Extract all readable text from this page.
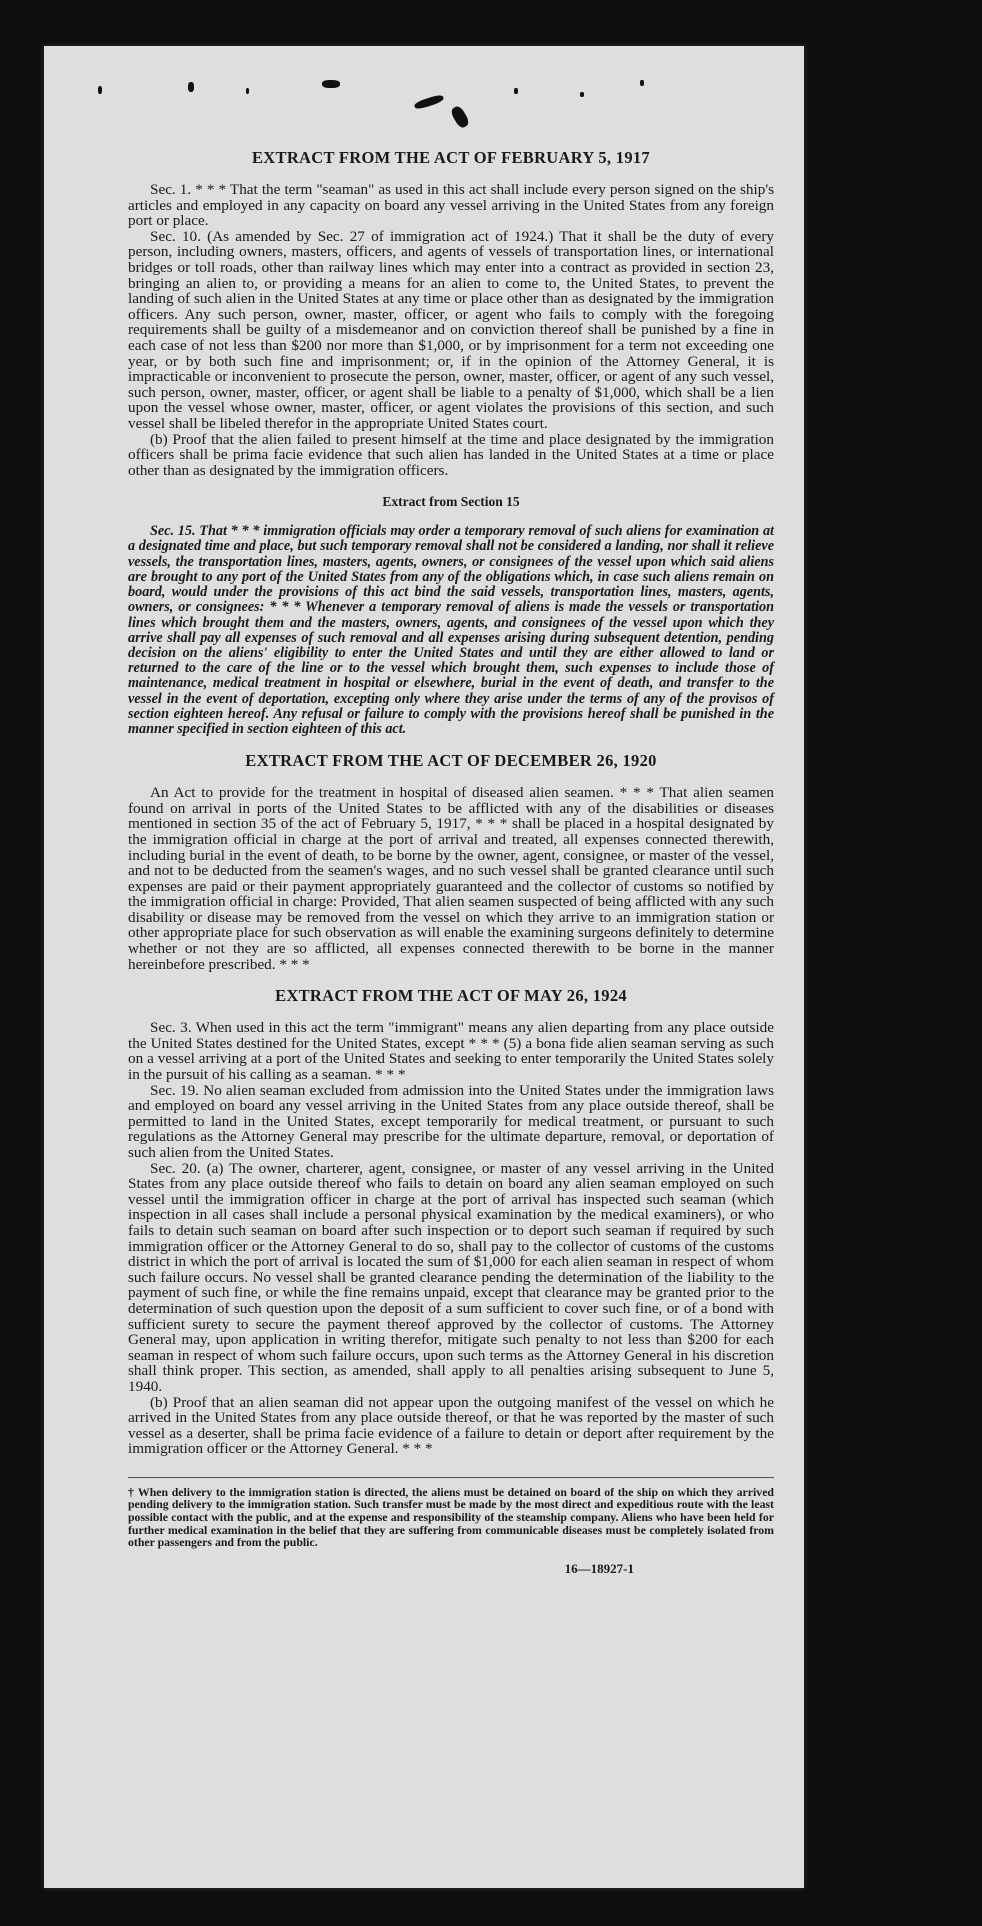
EXTRACT FROM THE ACT OF FEBRUARY 5, 1917

Sec. 1. * * * That the term "seaman" as used in this act shall include every person signed on the ship's articles and employed in any capacity on board any vessel arriving in the United States from any foreign port or place.

Sec. 10. (As amended by Sec. 27 of immigration act of 1924.) That it shall be the duty of every person, including owners, masters, officers, and agents of vessels of transportation lines, or international bridges or toll roads, other than railway lines which may enter into a contract as provided in section 23, bringing an alien to, or providing a means for an alien to come to, the United States, to prevent the landing of such alien in the United States at any time or place other than as designated by the immigration officers. Any such person, owner, master, officer, or agent who fails to comply with the foregoing requirements shall be guilty of a misdemeanor and on conviction thereof shall be punished by a fine in each case of not less than $200 nor more than $1,000, or by imprisonment for a term not exceeding one year, or by both such fine and imprisonment; or, if in the opinion of the Attorney General, it is impracticable or inconvenient to prosecute the person, owner, master, officer, or agent of any such vessel, such person, owner, master, officer, or agent shall be liable to a penalty of $1,000, which shall be a lien upon the vessel whose owner, master, officer, or agent violates the provisions of this section, and such vessel shall be libeled therefor in the appropriate United States court.

(b) Proof that the alien failed to present himself at the time and place designated by the immigration officers shall be prima facie evidence that such alien has landed in the United States at a time or place other than as designated by the immigration officers.

Extract from Section 15

Sec. 15. That * * * immigration officials may order a temporary removal of such aliens for examination at a designated time and place, but such temporary removal shall not be considered a landing, nor shall it relieve vessels, the transportation lines, masters, agents, owners, or consignees of the vessel upon which said aliens are brought to any port of the United States from any of the obligations which, in case such aliens remain on board, would under the provisions of this act bind the said vessels, transportation lines, masters, agents, owners, or consignees: * * * Whenever a temporary removal of aliens is made the vessels or transportation lines which brought them and the masters, owners, agents, and consignees of the vessel upon which they arrive shall pay all expenses of such removal and all expenses arising during subsequent detention, pending decision on the aliens' eligibility to enter the United States and until they are either allowed to land or returned to the care of the line or to the vessel which brought them, such expenses to include those of maintenance, medical treatment in hospital or elsewhere, burial in the event of death, and transfer to the vessel in the event of deportation, excepting only where they arise under the terms of any of the provisos of section eighteen hereof. Any refusal or failure to comply with the provisions hereof shall be punished in the manner specified in section eighteen of this act.

EXTRACT FROM THE ACT OF DECEMBER 26, 1920

An Act to provide for the treatment in hospital of diseased alien seamen. * * * That alien seamen found on arrival in ports of the United States to be afflicted with any of the disabilities or diseases mentioned in section 35 of the act of February 5, 1917, * * * shall be placed in a hospital designated by the immigration official in charge at the port of arrival and treated, all expenses connected therewith, including burial in the event of death, to be borne by the owner, agent, consignee, or master of the vessel, and not to be deducted from the seamen's wages, and no such vessel shall be granted clearance until such expenses are paid or their payment appropriately guaranteed and the collector of customs so notified by the immigration official in charge: Provided, That alien seamen suspected of being afflicted with any such disability or disease may be removed from the vessel on which they arrive to an immigration station or other appropriate place for such observation as will enable the examining surgeons definitely to determine whether or not they are so afflicted, all expenses connected therewith to be borne in the manner hereinbefore prescribed. * * *

EXTRACT FROM THE ACT OF MAY 26, 1924

Sec. 3. When used in this act the term "immigrant" means any alien departing from any place outside the United States destined for the United States, except * * * (5) a bona fide alien seaman serving as such on a vessel arriving at a port of the United States and seeking to enter temporarily the United States solely in the pursuit of his calling as a seaman. * * *

Sec. 19. No alien seaman excluded from admission into the United States under the immigration laws and employed on board any vessel arriving in the United States from any place outside thereof, shall be permitted to land in the United States, except temporarily for medical treatment, or pursuant to such regulations as the Attorney General may prescribe for the ultimate departure, removal, or deportation of such alien from the United States.

Sec. 20. (a) The owner, charterer, agent, consignee, or master of any vessel arriving in the United States from any place outside thereof who fails to detain on board any alien seaman employed on such vessel until the immigration officer in charge at the port of arrival has inspected such seaman (which inspection in all cases shall include a personal physical examination by the medical examiners), or who fails to detain such seaman on board after such inspection or to deport such seaman if required by such immigration officer or the Attorney General to do so, shall pay to the collector of customs of the customs district in which the port of arrival is located the sum of $1,000 for each alien seaman in respect of whom such failure occurs. No vessel shall be granted clearance pending the determination of the liability to the payment of such fine, or while the fine remains unpaid, except that clearance may be granted prior to the determination of such question upon the deposit of a sum sufficient to cover such fine, or of a bond with sufficient surety to secure the payment thereof approved by the collector of customs. The Attorney General may, upon application in writing therefor, mitigate such penalty to not less than $200 for each seaman in respect of whom such failure occurs, upon such terms as the Attorney General in his discretion shall think proper. This section, as amended, shall apply to all penalties arising subsequent to June 5, 1940.

(b) Proof that an alien seaman did not appear upon the outgoing manifest of the vessel on which he arrived in the United States from any place outside thereof, or that he was reported by the master of such vessel as a deserter, shall be prima facie evidence of a failure to detain or deport after requirement by the immigration officer or the Attorney General. * * *

† When delivery to the immigration station is directed, the aliens must be detained on board of the ship on which they arrived pending delivery to the immigration station. Such transfer must be made by the most direct and expeditious route with the least possible contact with the public, and at the expense and responsibility of the steamship company. Aliens who have been held for further medical examination in the belief that they are suffering from communicable diseases must be completely isolated from other passengers and from the public.
16—18927-1
